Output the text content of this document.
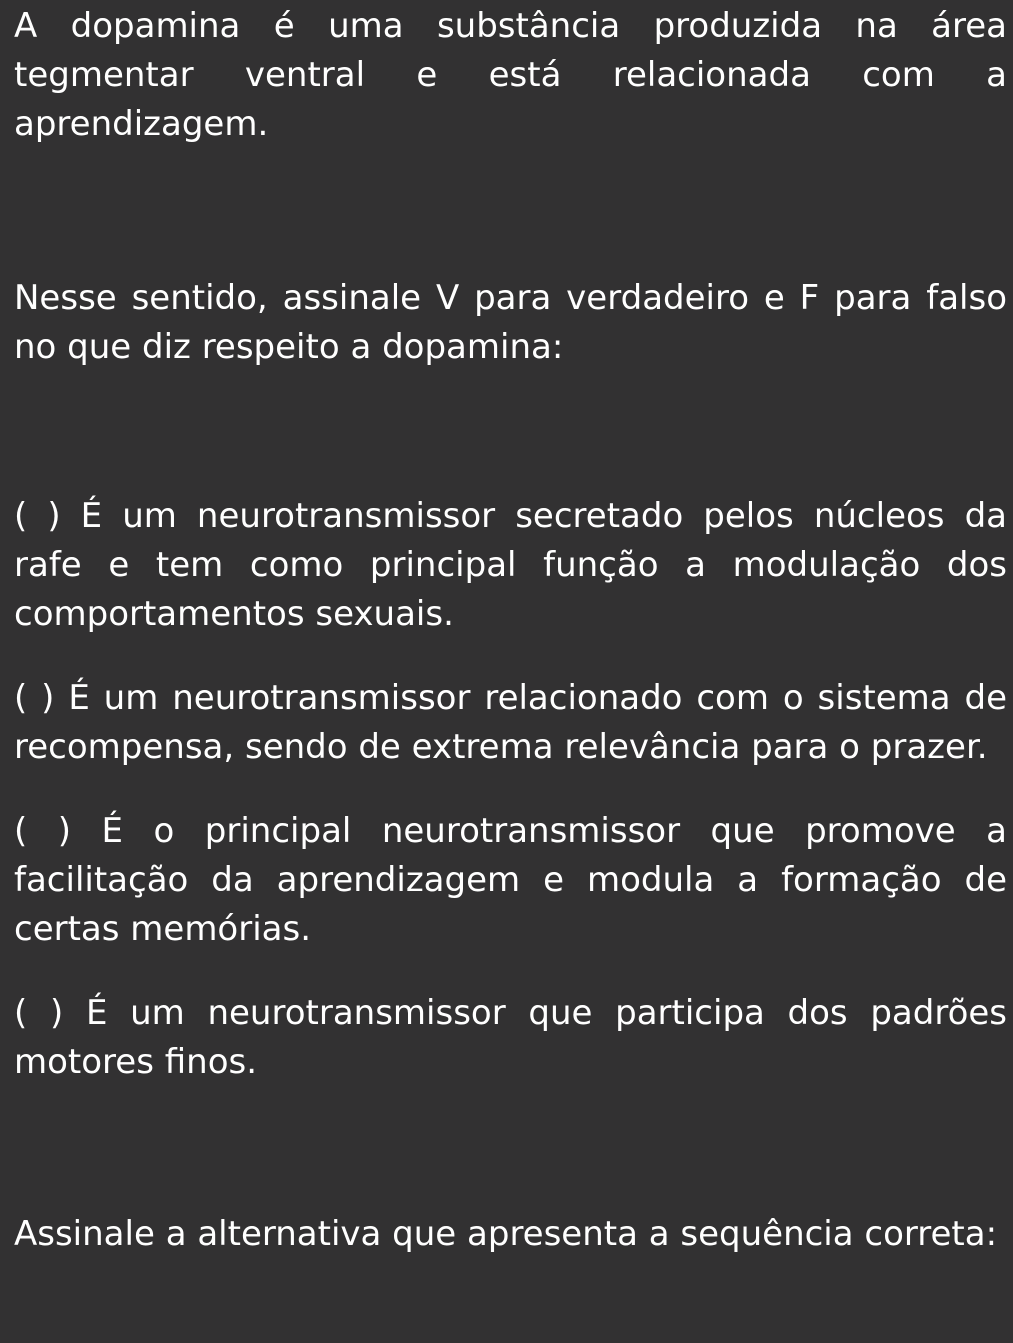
A dopamina é uma substância produzida na área tegmentar ventral e está relacionada com a aprendizagem.

Nesse sentido, assinale V para verdadeiro e F para falso no que diz respeito a dopamina:

( ) É um neurotransmissor secretado pelos núcleos da rafe e tem como principal função a modulação dos comportamentos sexuais.

( ) É um neurotransmissor relacionado com o sistema de recompensa, sendo de extrema relevância para o prazer.

( ) É o principal neurotransmissor que promove a facilitação da aprendizagem e modula a formação de certas memórias.

( ) É um neurotransmissor que participa dos padrões motores finos.

Assinale a alternativa que apresenta a sequência correta:
